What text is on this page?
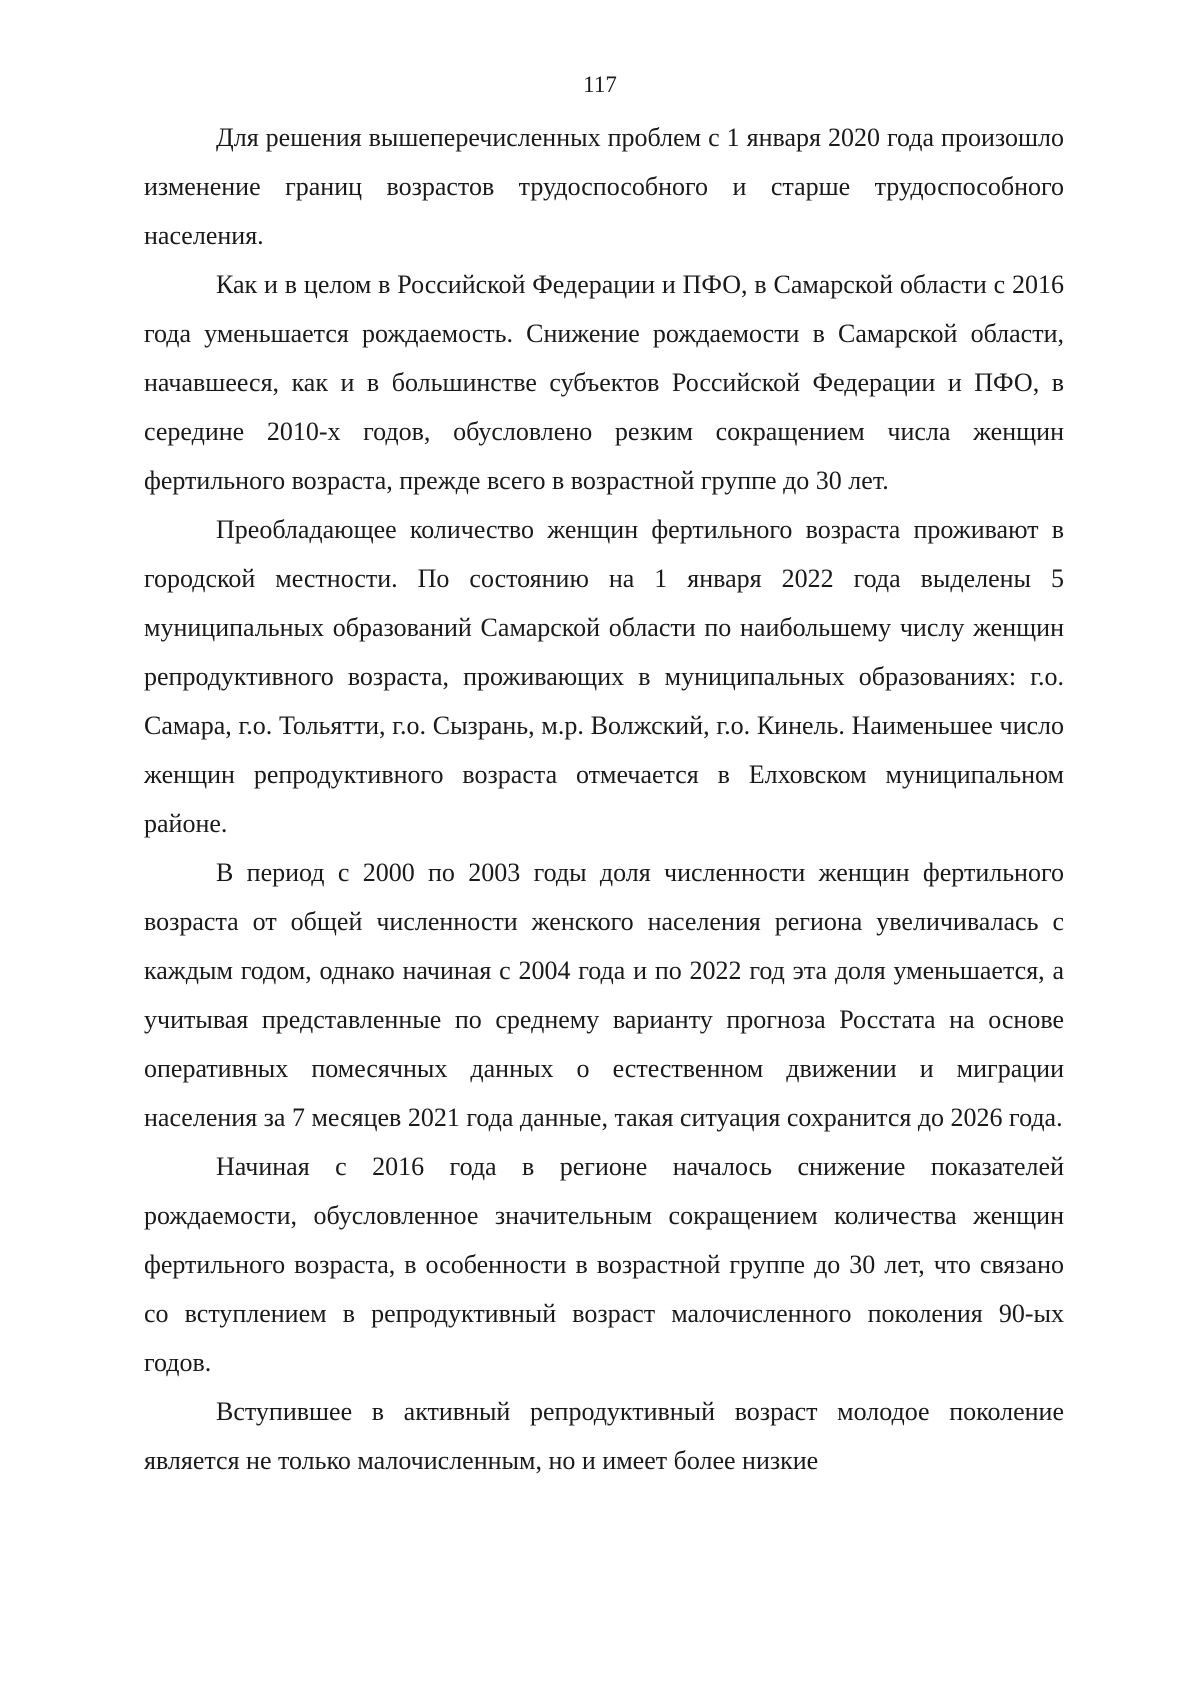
117

Для решения вышеперечисленных проблем с 1 января 2020 года произошло изменение границ возрастов трудоспособного и старше трудоспособного населения.

Как и в целом в Российской Федерации и ПФО, в Самарской области с 2016 года уменьшается рождаемость. Снижение рождаемости в Самарской области, начавшееся, как и в большинстве субъектов Российской Федерации и ПФО, в середине 2010-х годов, обусловлено резким сокращением числа женщин фертильного возраста, прежде всего в возрастной группе до 30 лет.

Преобладающее количество женщин фертильного возраста проживают в городской местности. По состоянию на 1 января 2022 года выделены 5 муниципальных образований Самарской области по наибольшему числу женщин репродуктивного возраста, проживающих в муниципальных образованиях: г.о. Самара, г.о. Тольятти, г.о. Сызрань, м.р. Волжский, г.о. Кинель. Наименьшее число женщин репродуктивного возраста отмечается в Елховском муниципальном районе.

В период с 2000 по 2003 годы доля численности женщин фертильного возраста от общей численности женского населения региона увеличивалась с каждым годом, однако начиная с 2004 года и по 2022 год эта доля уменьшается, а учитывая представленные по среднему варианту прогноза Росстата на основе оперативных помесячных данных о естественном движении и миграции населения за 7 месяцев 2021 года данные, такая ситуация сохранится до 2026 года.

Начиная с 2016 года в регионе началось снижение показателей рождаемости, обусловленное значительным сокращением количества женщин фертильного возраста, в особенности в возрастной группе до 30 лет, что связано со вступлением в репродуктивный возраст малочисленного поколения 90-ых годов.

Вступившее в активный репродуктивный возраст молодое поколение является не только малочисленным, но и имеет более низкие
